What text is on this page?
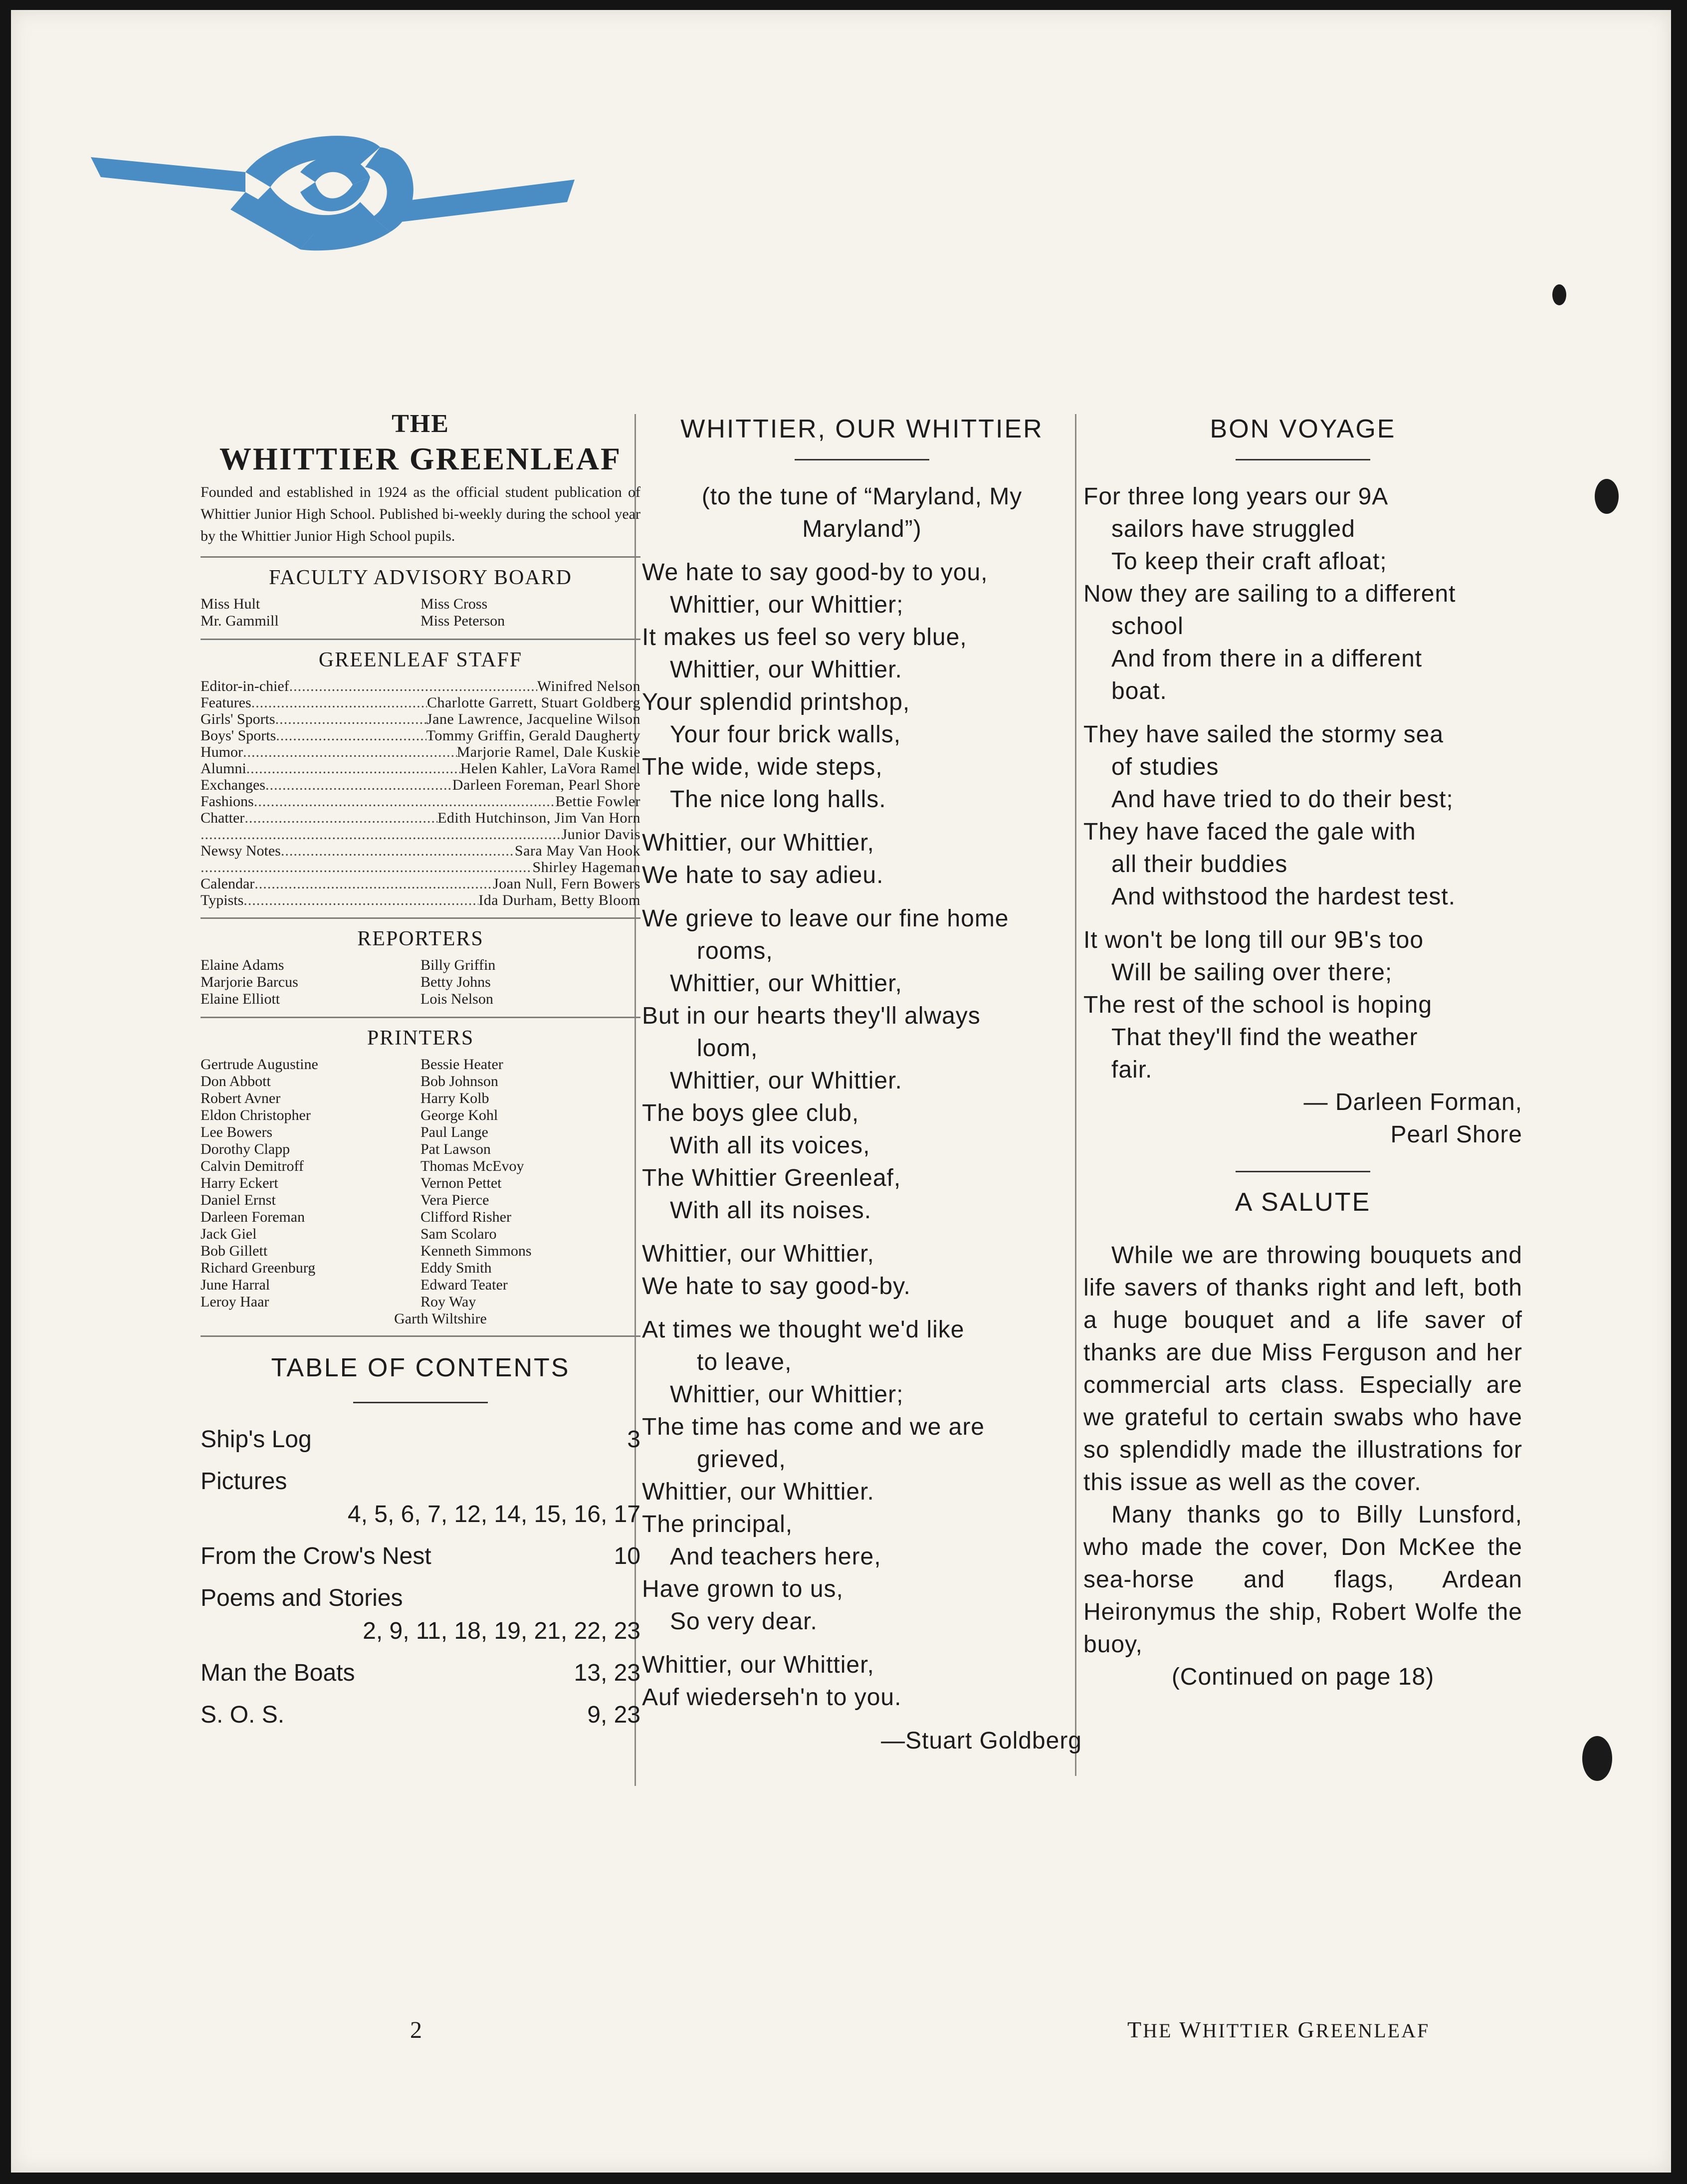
THE
WHITTIER GREENLEAF
Founded and established in 1924 as the official student publication of Whittier Junior High School. Published bi-weekly during the school year by the Whittier Junior High School pupils.
FACULTY ADVISORY BOARD
Miss Hult	Miss Cross
Mr. Gammill	Miss Peterson
GREENLEAF STAFF
Editor-in-chief .....	Winifred Nelson
Features .....	Charlotte Garrett, Stuart Goldberg
Girls' Sports .....	Jane Lawrence, Jacqueline Wilson
Boys' Sports .....	Tommy Griffin, Gerald Daugherty
Humor .....	Marjorie Ramel, Dale Kuskie
Alumni .....	Helen Kahler, LaVora Ramel
Exchanges .....	Darleen Foreman, Pearl Shore
Fashions .....	Bettie Fowler
Chatter .....	Edith Hutchinson, Jim Van Horn
.....
Junior Davis
Newsy Notes .....	Sara May Van Hook
.....
Shirley Hageman
Calendar .....	Joan Null, Fern Bowers
Typists .....	Ida Durham, Betty Bloom
REPORTERS
Elaine Adams	Billy Griffin
Marjorie Barcus	Betty Johns
Elaine Elliott	Lois Nelson
PRINTERS
Gertrude Augustine	Bessie Heater
Don Abbott	Bob Johnson
Robert Avner	Harry Kolb
Eldon Christopher	George Kohl
Lee Bowers	Paul Lange
Dorothy Clapp	Pat Lawson
Calvin Demitroff	Thomas McEvoy
Harry Eckert	Vernon Pettet
Daniel Ernst	Vera Pierce
Darleen Foreman	Clifford Risher
Jack Giel	Sam Scolaro
Bob Gillett	Kenneth Simmons
Richard Greenburg	Eddy Smith
June Harral	Edward Teater
Leroy Haar	Roy Way
Garth Wiltshire
TABLE OF CONTENTS
Ship's Log	3
Pictures
4, 5, 6, 7, 12, 14, 15, 16, 17
From the Crow's Nest	10
Poems and Stories
2, 9, 11, 18, 19, 21, 22, 23
Man the Boats	13, 23
S. O. S.	9, 23
WHITTIER, OUR WHITTIER
(to the tune of “Maryland, My
Maryland”)
We hate to say good-by to you,
Whittier, our Whittier;
It makes us feel so very blue,
Whittier, our Whittier.
Your splendid printshop,
Your four brick walls,
The wide, wide steps,
The nice long halls.
Whittier, our Whittier,
We hate to say adieu.
We grieve to leave our fine home
rooms,
Whittier, our Whittier,
But in our hearts they'll always
loom,
Whittier, our Whittier.
The boys glee club,
With all its voices,
The Whittier Greenleaf,
With all its noises.
Whittier, our Whittier,
We hate to say good-by.
At times we thought we'd like
to leave,
Whittier, our Whittier;
The time has come and we are
grieved,
Whittier, our Whittier.
The principal,
And teachers here,
Have grown to us,
So very dear.
Whittier, our Whittier,
Auf wiederseh'n to you.
—Stuart Goldberg
BON VOYAGE
For three long years our 9A
sailors have struggled
To keep their craft afloat;
Now they are sailing to a different
school
And from there in a different
boat.
They have sailed the stormy sea
of studies
And have tried to do their best;
They have faced the gale with
all their buddies
And withstood the hardest test.
It won't be long till our 9B's too
Will be sailing over there;
The rest of the school is hoping
That they'll find the weather
fair.
— Darleen Forman,
Pearl Shore
A SALUTE
While we are throwing bouquets and life savers of thanks right and left, both a huge bouquet and a life saver of thanks are due Miss Ferguson and her commercial arts class. Especially are we grateful to certain swabs who have so splendidly made the illustrations for this issue as well as the cover.
Many thanks go to Billy Lunsford, who made the cover, Don McKee the sea-horse and flags, Ardean Heironymus the ship, Robert Wolfe the buoy,
(Continued on page 18)
2	THE WHITTIER GREENLEAF
